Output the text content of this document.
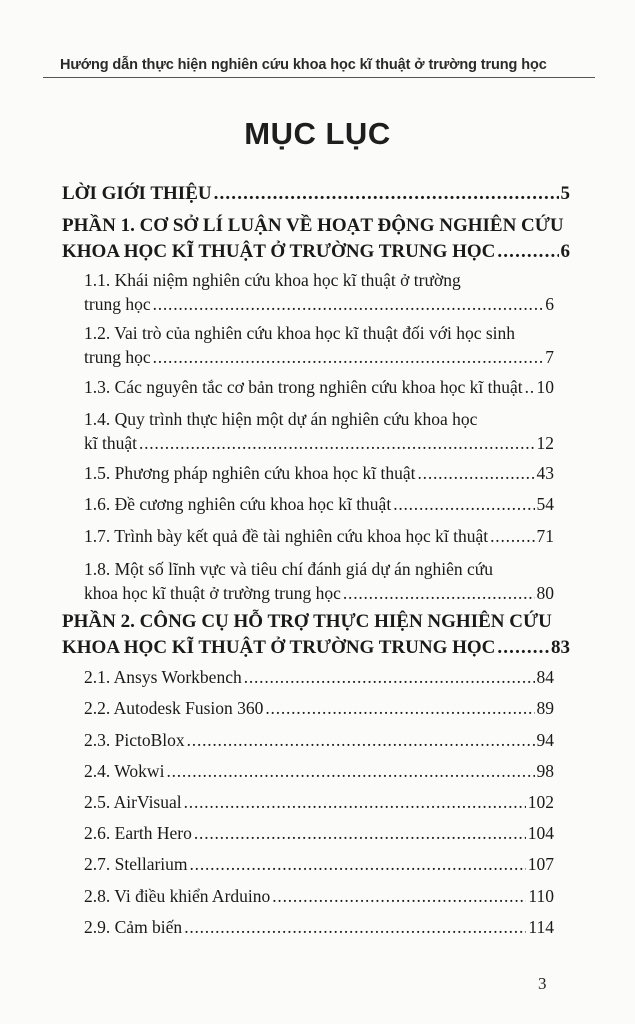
Hướng dẫn thực hiện nghiên cứu khoa học kĩ thuật ở trường trung học
MỤC LỤC
LỜI GIỚI THIỆU . . .	5
PHẦN 1. CƠ SỞ LÍ LUẬN VỀ HOẠT ĐỘNG NGHIÊN CỨU
KHOA HỌC KĨ THUẬT Ở TRƯỜNG TRUNG HỌC . . .	6
1.1. Khái niệm nghiên cứu khoa học kĩ thuật ở trường
trung học . . .	6
1.2. Vai trò của nghiên cứu khoa học kĩ thuật đối với học sinh
trung học . . .	7
1.3. Các nguyên tắc cơ bản trong nghiên cứu khoa học kĩ thuật . . . 10
1.4. Quy trình thực hiện một dự án nghiên cứu khoa học
kĩ thuật . . .	12
1.5. Phương pháp nghiên cứu khoa học kĩ thuật . . .	43
1.6. Đề cương nghiên cứu khoa học kĩ thuật . . .	54
1.7. Trình bày kết quả đề tài nghiên cứu khoa học kĩ thuật . . .	71
1.8. Một số lĩnh vực và tiêu chí đánh giá dự án nghiên cứu
khoa học kĩ thuật ở trường trung học . . .	80
PHẦN 2. CÔNG CỤ HỖ TRỢ THỰC HIỆN NGHIÊN CỨU
KHOA HỌC KĨ THUẬT Ở TRƯỜNG TRUNG HỌC . . .	83
2.1. Ansys Workbench . . .	84
2.2. Autodesk Fusion 360 . . .	89
2.3. PictoBlox . . .	94
2.4. Wokwi . . .	98
2.5. AirVisual . . .	102
2.6. Earth Hero . . .	104
2.7. Stellarium . . .	107
2.8. Vi điều khiển Arduino . . .	110
2.9. Cảm biến . . .	114
3
